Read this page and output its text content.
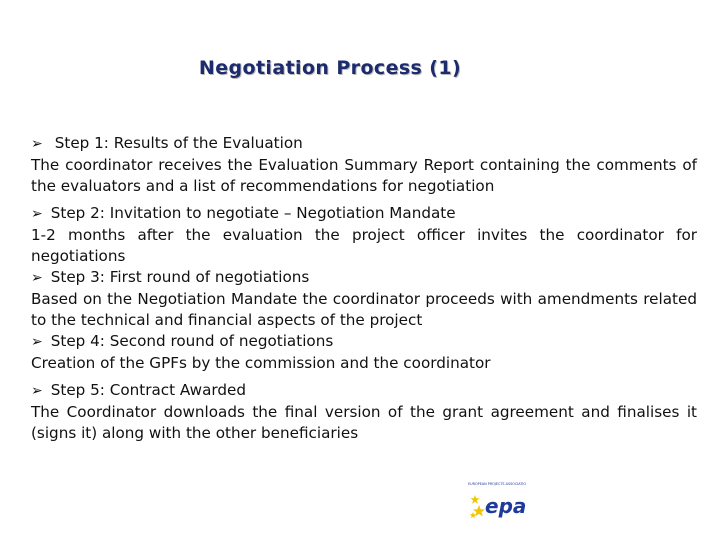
Negotiation Process (1)
➢ Step 1: Results of the Evaluation
The coordinator receives the Evaluation Summary Report containing the comments of the evaluators and a list of recommendations for negotiation
➢ Step 2: Invitation to negotiate – Negotiation Mandate
1-2 months after the evaluation the project officer invites the coordinator for negotiations
➢ Step 3: First round of negotiations
Based on the Negotiation Mandate the coordinator proceeds with amendments related to the technical and financial aspects of the project
➢ Step 4: Second round of negotiations
Creation of the GPFs by the commission and the coordinator
➢ Step 5: Contract Awarded
The Coordinator downloads the final version of the grant agreement and finalises it (signs it) along with the other beneficiaries
EUROPEAN PROJECTS ASSOCIATION
epa
